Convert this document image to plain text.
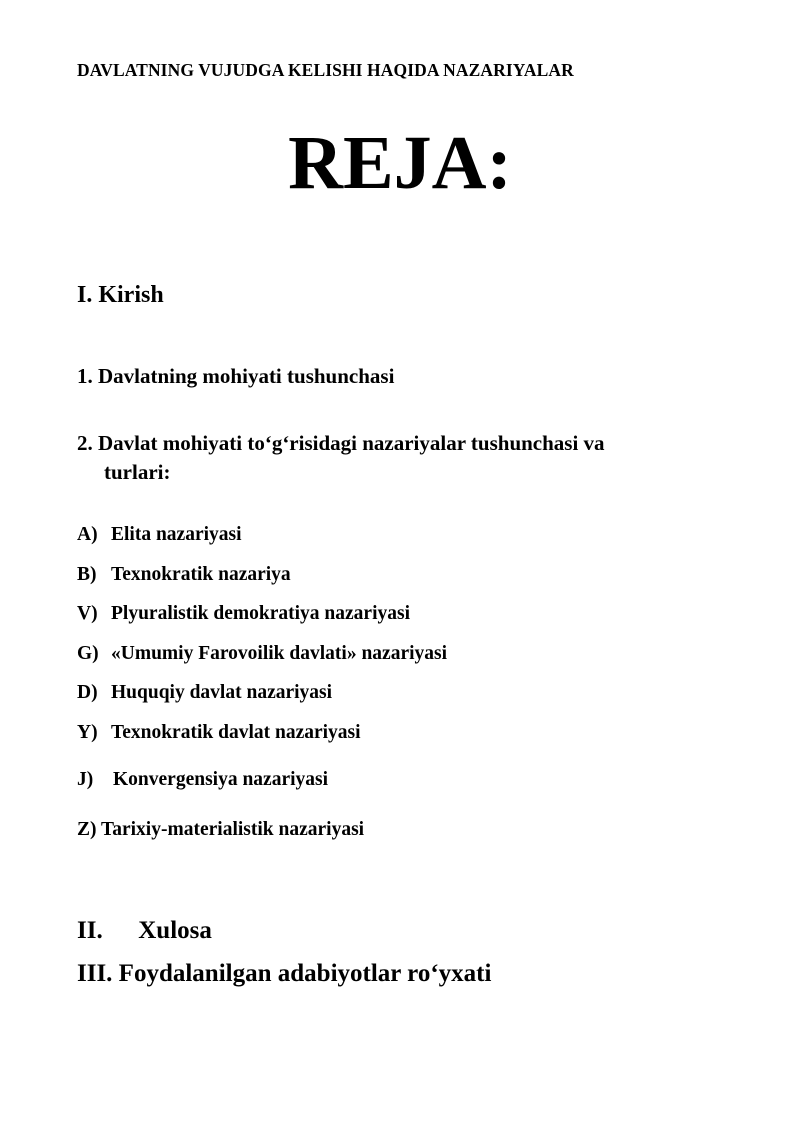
DAVLATNING VUJUDGA KELISHI HAQIDA NAZARIYALAR

REJA:

I. Kirish

1. Davlatning mohiyati tushunchasi

2. Davlat mohiyati to‘g‘risidagi nazariyalar tushunchasi va

turlari:

A) Elita nazariyasi
B) Texnokratik nazariya
V) Plyuralistik demokratiya nazariyasi
G) «Umumiy Farovoilik davlati» nazariyasi
D) Huquqiy davlat nazariyasi
Y) Texnokratik davlat nazariyasi
J)	Konvergensiya nazariyasi

Z) Tarixiy-materialistik nazariyasi

II. Xulosa

III. Foydalanilgan adabiyotlar ro‘yxati
